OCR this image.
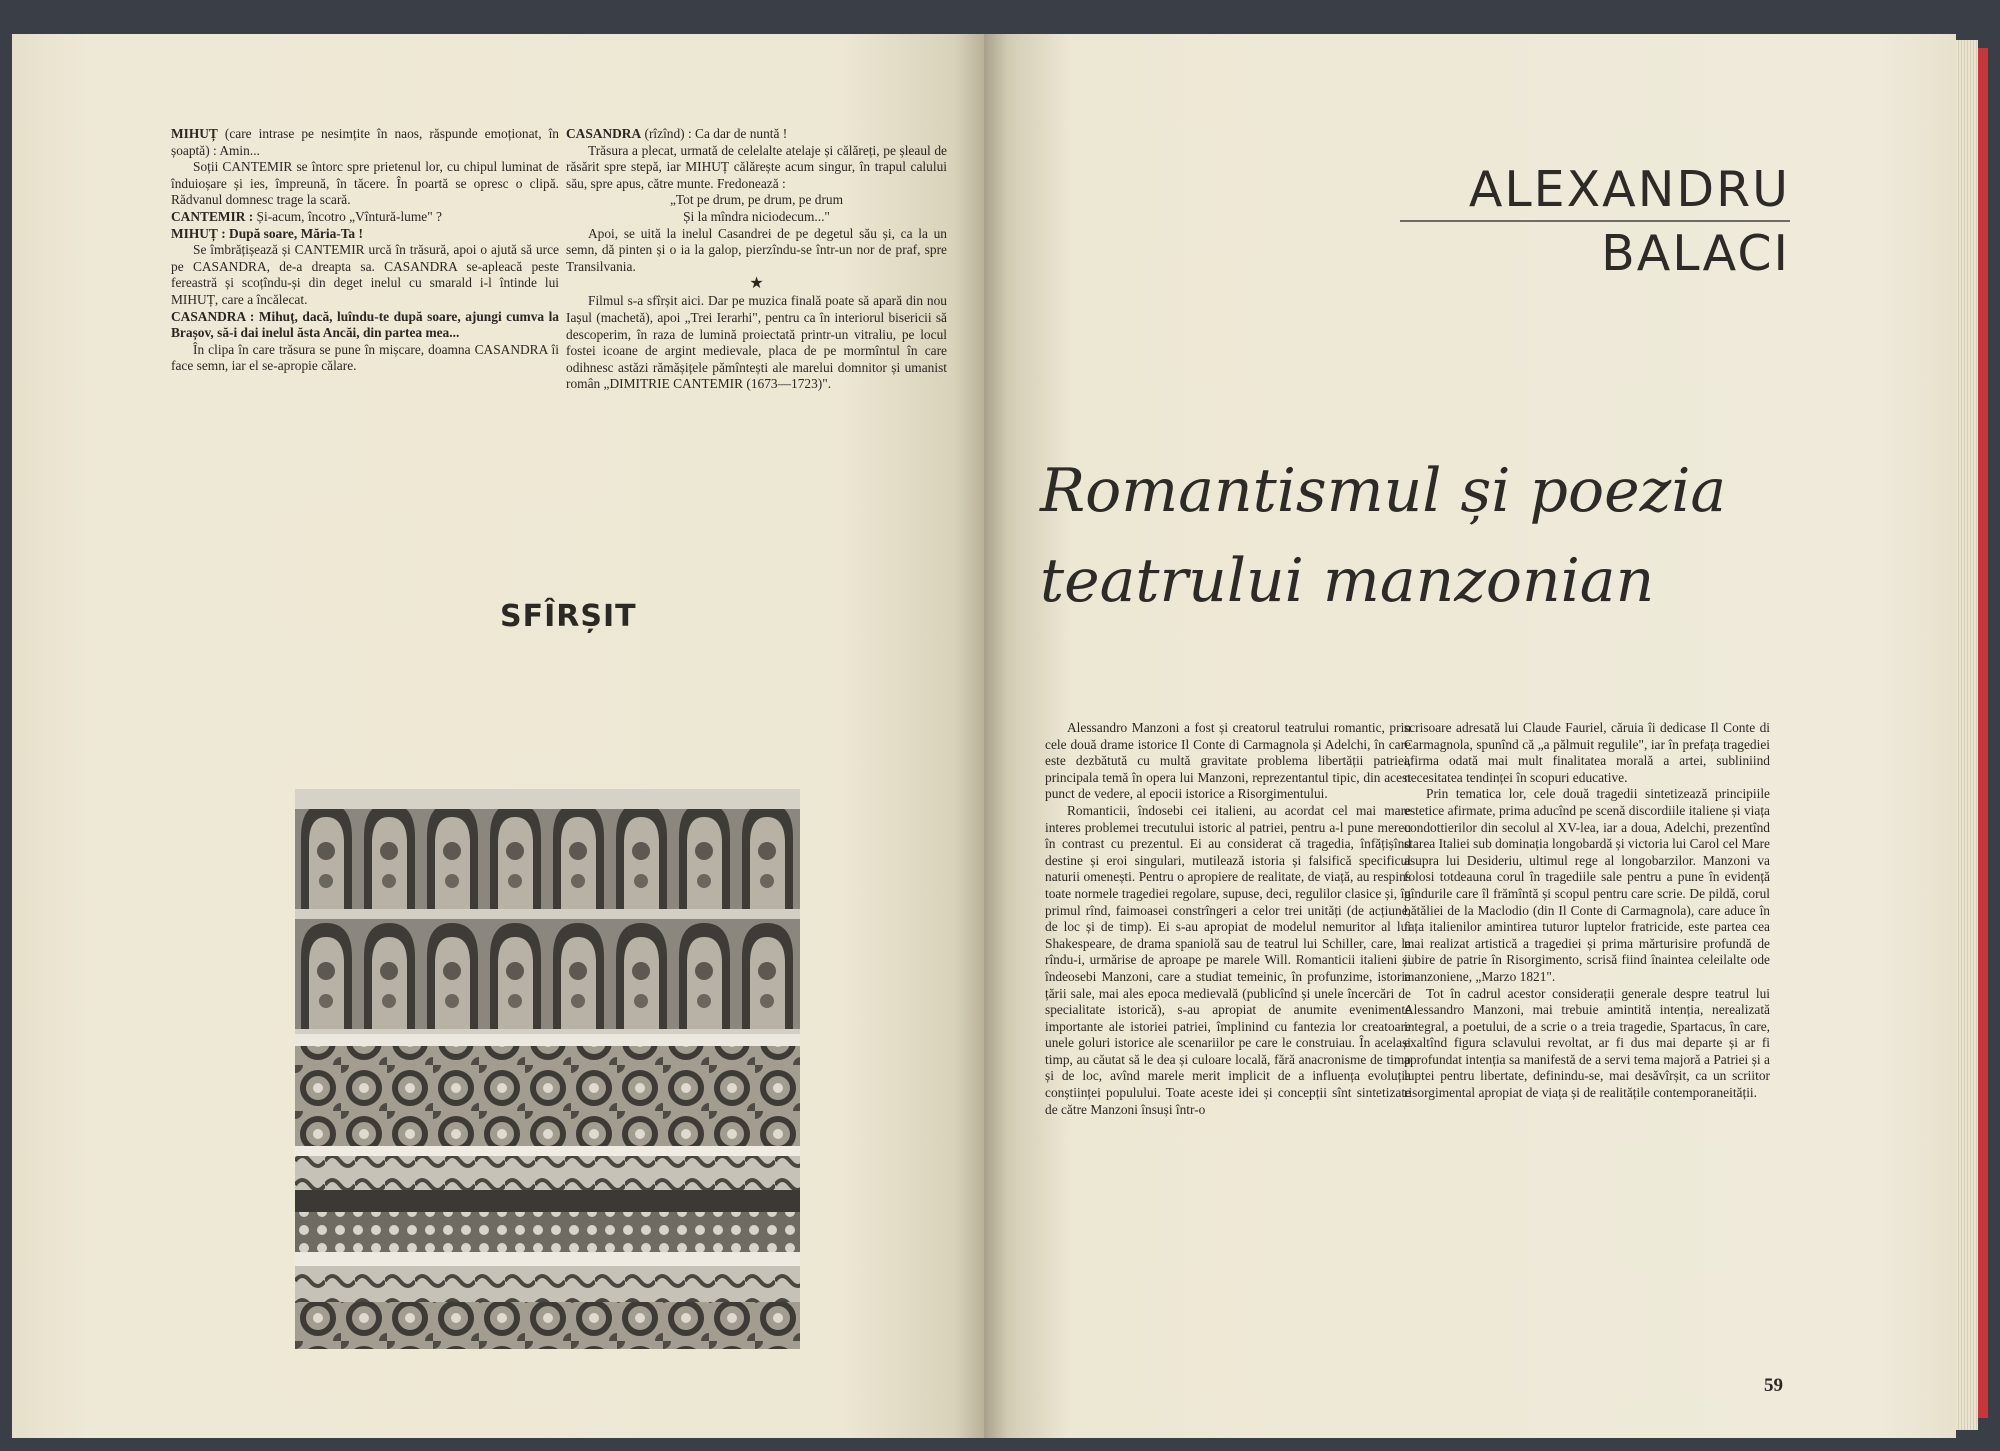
MIHUȚ (care intrase pe nesimțite în naos, răspunde emoționat, în șoaptă) : Amin...

Soții CANTEMIR se întorc spre prietenul lor, cu chipul luminat de înduioșare și ies, împreună, în tăcere. În poartă se opresc o clipă. Rădvanul domnesc trage la scară.

CANTEMIR : Și-acum, încotro „Vîntură-lume" ?

MIHUȚ : După soare, Măria-Ta !

Se îmbrățișează și CANTEMIR urcă în trăsură, apoi o ajută să urce pe CASANDRA, de-a dreapta sa. CASANDRA se-apleacă peste fereastră și scoțîndu-și din deget inelul cu smarald i-l întinde lui MIHUȚ, care a încălecat.

CASANDRA : Mihuț, dacă, luîndu-te după soare, ajungi cumva la Brașov, să-i dai inelul ăsta Ancăi, din partea mea...

În clipa în care trăsura se pune în mișcare, doamna CASANDRA îi face semn, iar el se-apropie călare.

CASANDRA (rîzînd) : Ca dar de nuntă !

Trăsura a plecat, urmată de celelalte atelaje și călăreți, pe șleaul de răsărit spre stepă, iar MIHUȚ călărește acum singur, în trapul calului său, spre apus, către munte. Fredonează :

„Tot pe drum, pe drum, pe drum

Și la mîndra niciodecum..."

Apoi, se uită la inelul Casandrei de pe degetul său și, ca la un semn, dă pinten și o ia la galop, pierzîndu-se într-un nor de praf, spre Transilvania.

★

Filmul s-a sfîrșit aici. Dar pe muzica finală poate să apară din nou Iașul (machetă), apoi „Trei Ierarhi", pentru ca în interiorul bisericii să descoperim, în raza de lumină proiectată printr-un vitraliu, pe locul fostei icoane de argint medievale, placa de pe mormîntul în care odihnesc astăzi rămășițele pămîntești ale marelui domnitor și umanist român „DIMITRIE CANTEMIR (1673—1723)".

SFÎRȘIT
ALEXANDRU
BALACI
Romantismul și poezia
teatrului manzonian

Alessandro Manzoni a fost și creatorul teatrului romantic, prin cele două drame istorice Il Conte di Carmagnola și Adelchi, în care este dezbătută cu multă gravitate problema libertății patriei, principala temă în opera lui Manzoni, reprezentantul tipic, din acest punct de vedere, al epocii istorice a Risorgimentului.

Romanticii, îndosebi cei italieni, au acordat cel mai mare interes problemei trecutului istoric al patriei, pentru a-l pune mereu în contrast cu prezentul. Ei au considerat că tragedia, înfățișînd destine și eroi singulari, mutilează istoria și falsifică specificul naturii omenești. Pentru o apropiere de realitate, de viață, au respins toate normele tragediei regolare, supuse, deci, regulilor clasice și, în primul rînd, faimoasei constrîngeri a celor trei unități (de acțiune, de loc și de timp). Ei s-au apropiat de modelul nemuritor al lui Shakespeare, de drama spaniolă sau de teatrul lui Schiller, care, la rîndu-i, urmărise de aproape pe marele Will. Romanticii italieni și îndeosebi Manzoni, care a studiat temeinic, în profunzime, istoria țării sale, mai ales epoca medievală (publicînd și unele încercări de specialitate istorică), s-au apropiat de anumite evenimente importante ale istoriei patriei, împlinind cu fantezia lor creatoare unele goluri istorice ale scenariilor pe care le construiau. În același timp, au căutat să le dea și culoare locală, fără anacronisme de timp și de loc, avînd marele merit implicit de a influența evoluția conștiinței populului. Toate aceste idei și concepții sînt sintetizate de către Manzoni însuși într-o

scrisoare adresată lui Claude Fauriel, căruia îi dedicase Il Conte di Carmagnola, spunînd că „a pălmuit regulile", iar în prefața tragediei afirma odată mai mult finalitatea morală a artei, subliniind necesitatea tendinței în scopuri educative.

Prin tematica lor, cele două tragedii sintetizează principiile estetice afirmate, prima aducînd pe scenă discordiile italiene și viața condottierilor din secolul al XV-lea, iar a doua, Adelchi, prezentînd starea Italiei sub dominația longobardă și victoria lui Carol cel Mare asupra lui Desideriu, ultimul rege al longobarzilor. Manzoni va folosi totdeauna corul în tragediile sale pentru a pune în evidență gîndurile care îl frămîntă și scopul pentru care scrie. De pildă, corul bătăliei de la Maclodio (din Il Conte di Carmagnola), care aduce în fața italienilor amintirea tuturor luptelor fratricide, este partea cea mai realizat artistică a tragediei și prima mărturisire profundă de iubire de patrie în Risorgimento, scrisă fiind înaintea celeilalte ode manzoniene, „Marzo 1821".

Tot în cadrul acestor considerații generale despre teatrul lui Alessandro Manzoni, mai trebuie amintită intenția, nerealizată integral, a poetului, de a scrie o a treia tragedie, Spartacus, în care, exaltînd figura sclavului revoltat, ar fi dus mai departe și ar fi aprofundat intenția sa manifestă de a servi tema majoră a Patriei și a luptei pentru libertate, definindu-se, mai desăvîrșit, ca un scriitor risorgimental apropiat de viața și de realitățile contemporaneității.

59
